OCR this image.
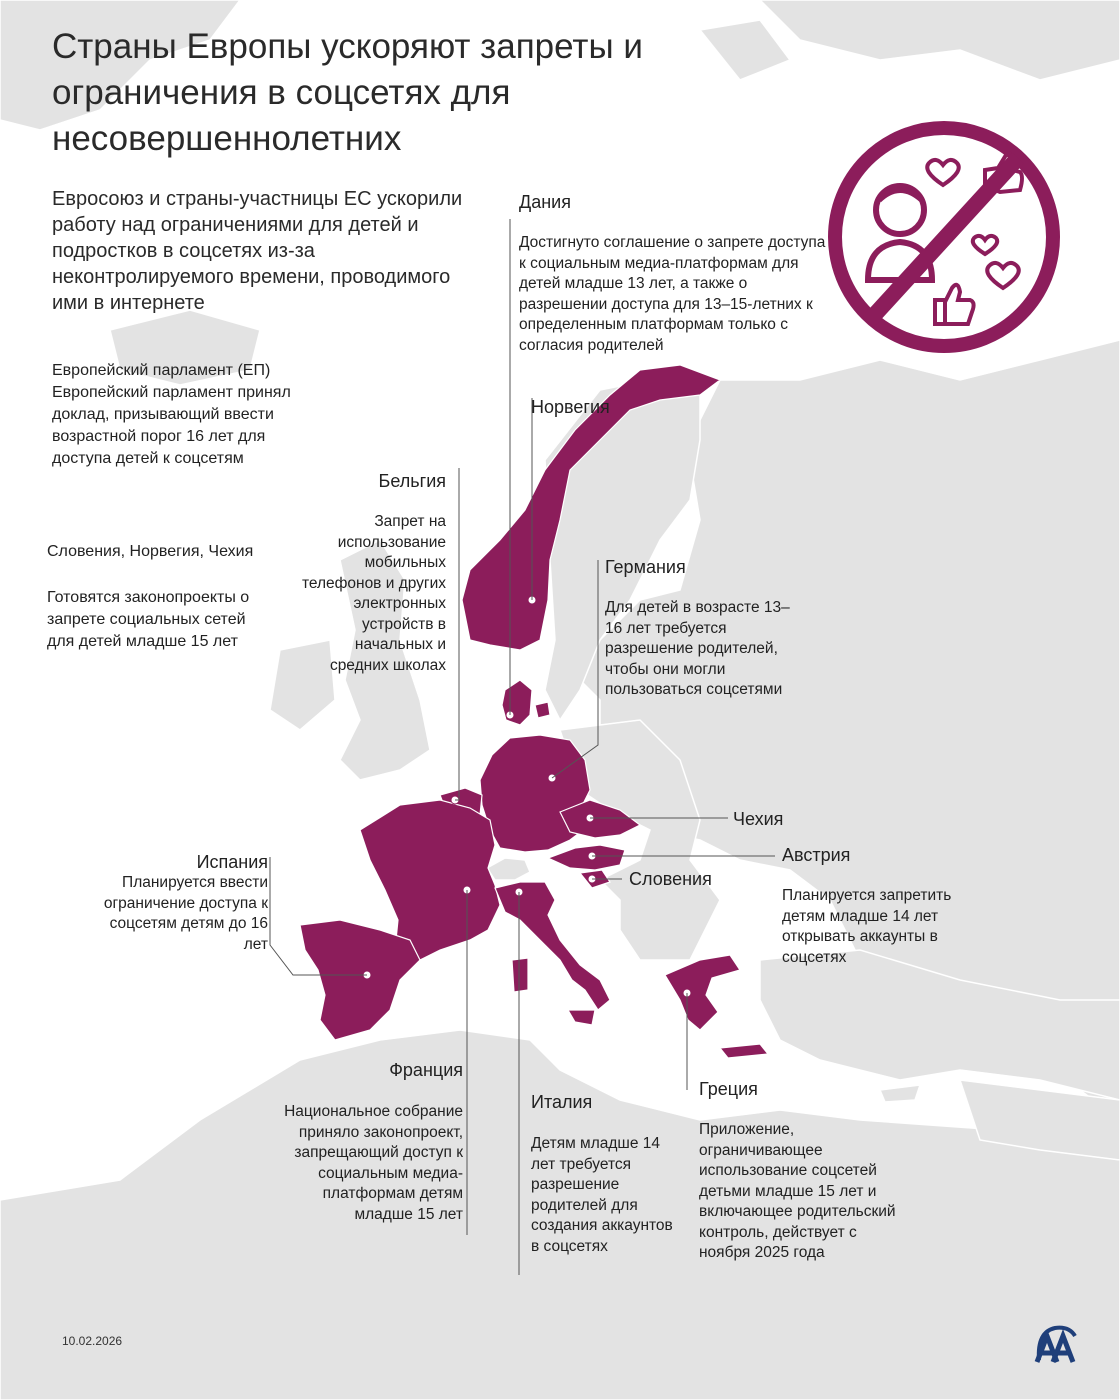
Страны Европы ускоряют запреты и ограничения в соцсетях для несовершеннолетних

Евросоюз и страны-участницы ЕС ускорили работу над ограничениями для детей и подростков в соцсетях из-за неконтролируемого времени, проводимого ими в интернете

Европейский парламент (ЕП)

Европейский парламент принял доклад, призывающий ввести возрастной порог 16 лет для доступа детей к соцсетям

Словения, Норвегия, Чехия

Готовятся законопроекты о запрете социальных сетей для детей младше 15 лет

Дания

Достигнуто соглашение о запрете доступа к социальным медиа-платформам для детей младше 13 лет, а также о разрешении доступа для 13–15-летних к определенным платформам только с согласия родителей

Норвегия

Бельгия

Запрет на использование мобильных телефонов и других электронных устройств в начальных и средних школах

Германия

Для детей в возрасте 13–16 лет требуется разрешение родителей, чтобы они могли пользоваться соцсетями

Чехия

Австрия

Планируется запретить детям младше 14 лет открывать аккаунты в соцсетях

Словения

Испания

Планируется ввести ограничение доступа к соцсетям детям до 16 лет

Франция

Национальное собрание приняло законопроект, запрещающий доступ к социальным медиа-платформам детям младше 15 лет

Италия

Детям младше 14 лет требуется разрешение родителей для создания аккаунтов в соцсетях

Греция

Приложение, ограничивающее использование соцсетей детьми младше 15 лет и включающее родительский контроль, действует с ноября 2025 года

10.02.2026
